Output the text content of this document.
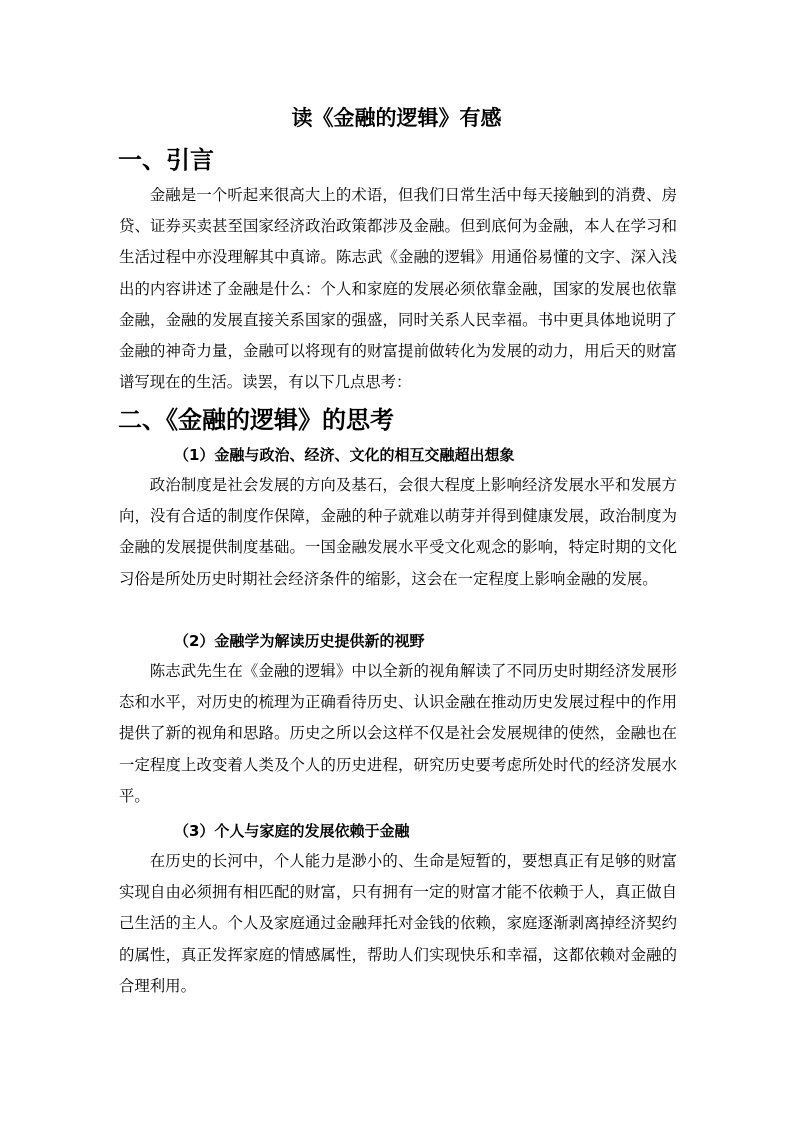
读《金融的逻辑》有感
一、引言

金融是一个听起来很高大上的术语，但我们日常生活中每天接触到的消费、房贷、证券买卖甚至国家经济政治政策都涉及金融。但到底何为金融，本人在学习和生活过程中亦没理解其中真谛。陈志武《金融的逻辑》用通俗易懂的文字、深入浅出的内容讲述了金融是什么：个人和家庭的发展必须依靠金融，国家的发展也依靠金融，金融的发展直接关系国家的强盛，同时关系人民幸福。书中更具体地说明了金融的神奇力量，金融可以将现有的财富提前做转化为发展的动力，用后天的财富谱写现在的生活。读罢，有以下几点思考：

二、《金融的逻辑》的思考
（1）金融与政治、经济、文化的相互交融超出想象

政治制度是社会发展的方向及基石，会很大程度上影响经济发展水平和发展方向，没有合适的制度作保障，金融的种子就难以萌芽并得到健康发展，政治制度为金融的发展提供制度基础。一国金融发展水平受文化观念的影响，特定时期的文化习俗是所处历史时期社会经济条件的缩影，这会在一定程度上影响金融的发展。

（2）金融学为解读历史提供新的视野

陈志武先生在《金融的逻辑》中以全新的视角解读了不同历史时期经济发展形态和水平，对历史的梳理为正确看待历史、认识金融在推动历史发展过程中的作用提供了新的视角和思路。历史之所以会这样不仅是社会发展规律的使然，金融也在一定程度上改变着人类及个人的历史进程，研究历史要考虑所处时代的经济发展水平。

（3）个人与家庭的发展依赖于金融

在历史的长河中，个人能力是渺小的、生命是短暂的，要想真正有足够的财富实现自由必须拥有相匹配的财富，只有拥有一定的财富才能不依赖于人，真正做自己生活的主人。个人及家庭通过金融拜托对金钱的依赖，家庭逐渐剥离掉经济契约的属性，真正发挥家庭的情感属性，帮助人们实现快乐和幸福，这都依赖对金融的合理利用。
